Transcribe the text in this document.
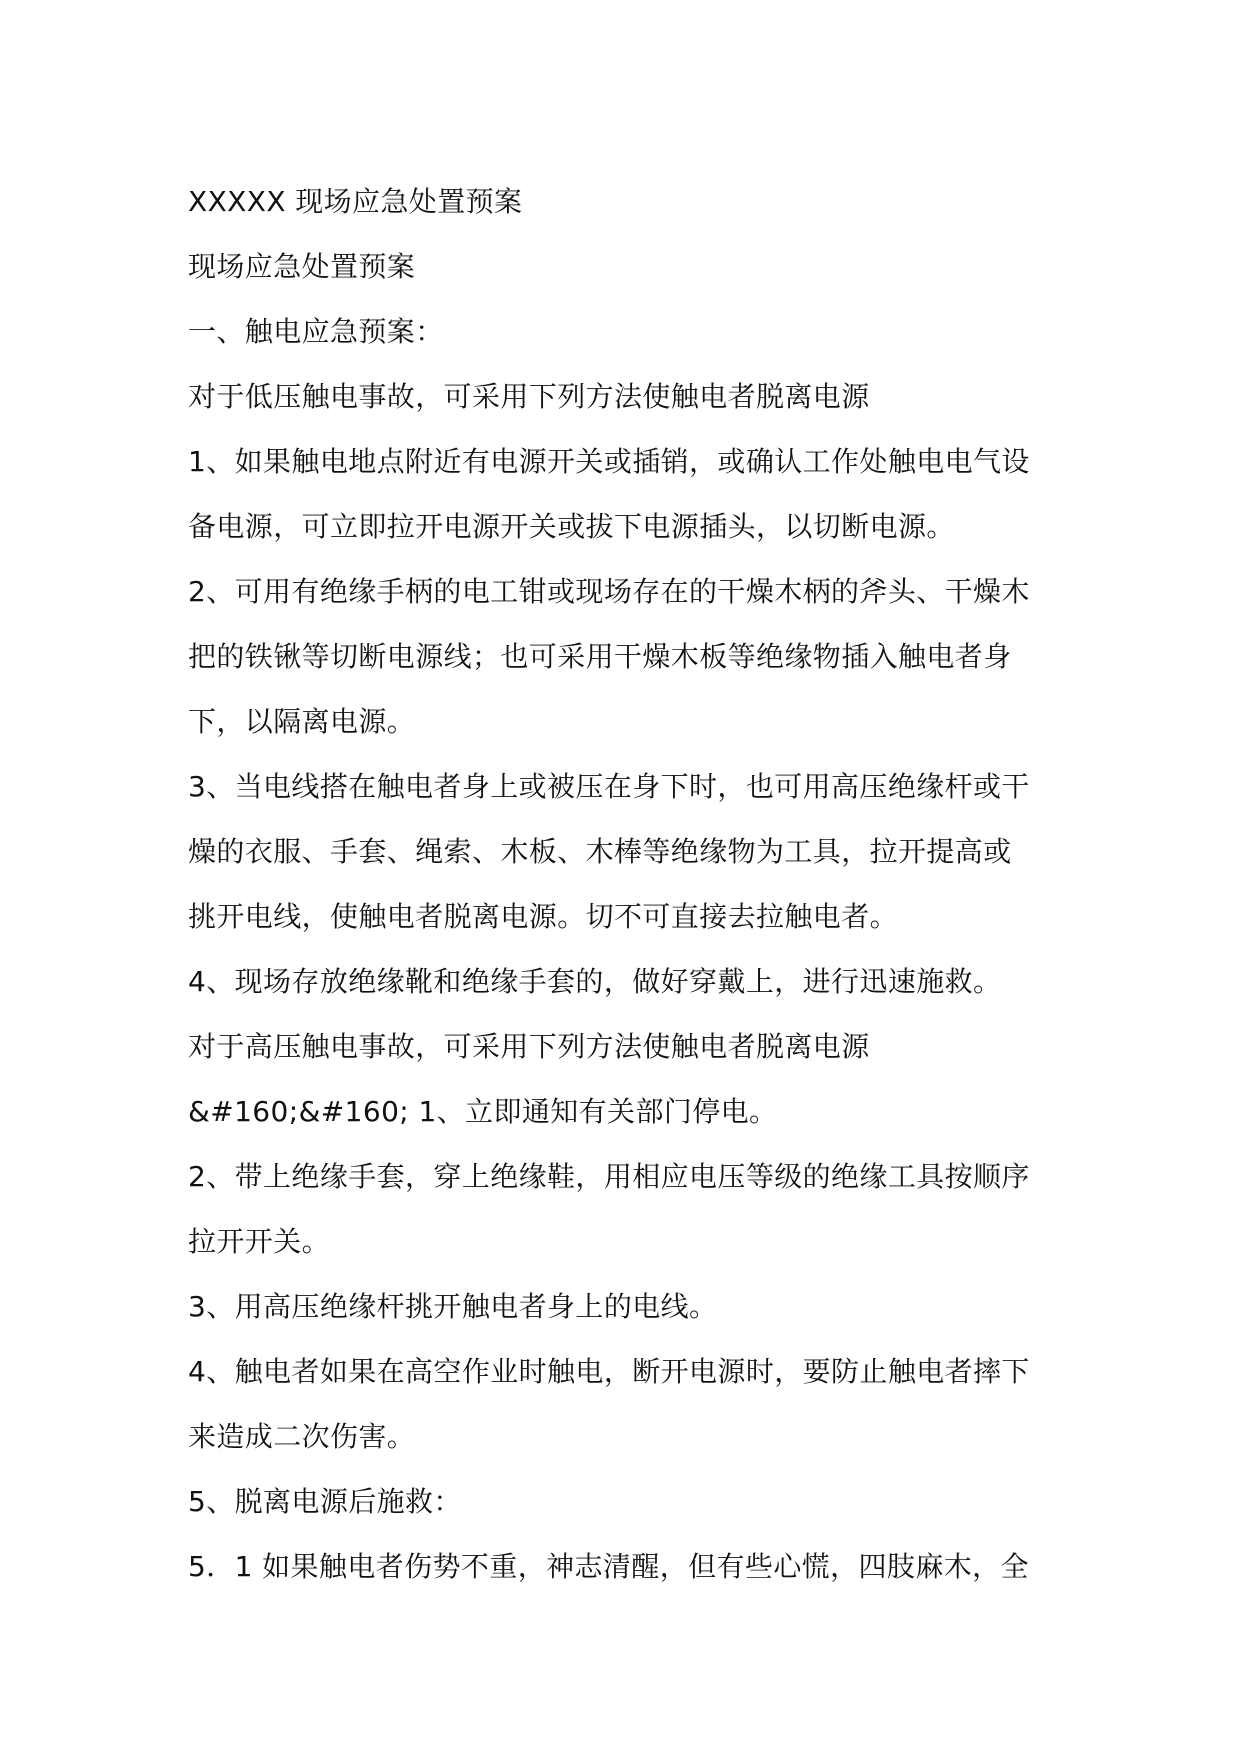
XXXXX 现场应急处置预案
现场应急处置预案
一、触电应急预案：
对于低压触电事故，可采用下列方法使触电者脱离电源
1、如果触电地点附近有电源开关或插销，或确认工作处触电电气设
备电源，可立即拉开电源开关或拔下电源插头，以切断电源。
2、可用有绝缘手柄的电工钳或现场存在的干燥木柄的斧头、干燥木
把的铁锹等切断电源线；也可采用干燥木板等绝缘物插入触电者身
下，以隔离电源。
3、当电线搭在触电者身上或被压在身下时，也可用高压绝缘杆或干
燥的衣服、手套、绳索、木板、木棒等绝缘物为工具，拉开提高或
挑开电线，使触电者脱离电源。切不可直接去拉触电者。
4、现场存放绝缘靴和绝缘手套的，做好穿戴上，进行迅速施救。
对于高压触电事故，可采用下列方法使触电者脱离电源
&#160;&#160; 1、立即通知有关部门停电。
2、带上绝缘手套，穿上绝缘鞋，用相应电压等级的绝缘工具按顺序
拉开开关。
3、用高压绝缘杆挑开触电者身上的电线。
4、触电者如果在高空作业时触电，断开电源时，要防止触电者摔下
来造成二次伤害。
5、脱离电源后施救：
5．1 如果触电者伤势不重，神志清醒，但有些心慌，四肢麻木，全
